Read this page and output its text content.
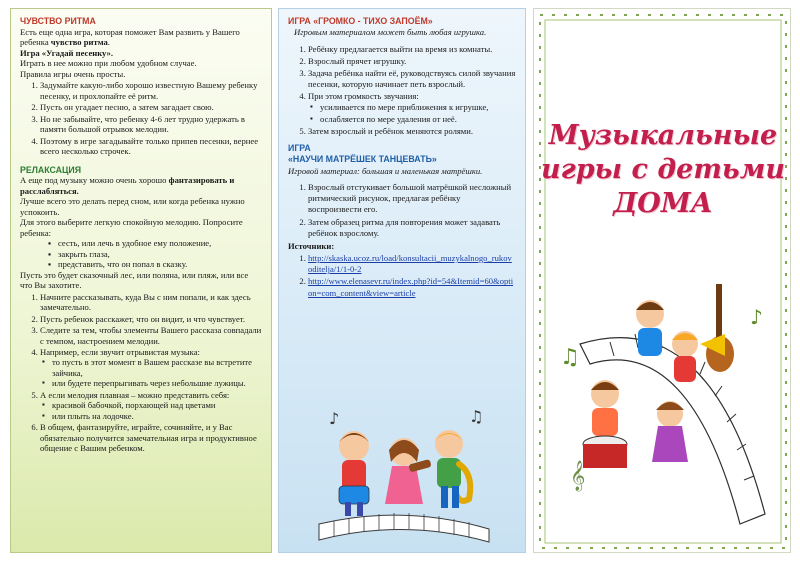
ЧУВСТВО РИТМА

Есть еще одна игра, которая поможет Вам развить у Вашего ребенка чувство ритма.

Игра «Угадай песенку».

Играть в нее можно при любом удобном случае.

Правила игры очень просты.

1. Задумайте какую-либо хорошо известную Вашему ребенку песенку, и прохлопайте её ритм.
2. Пусть он угадает песню, а затем загадает свою.
3. Но не забывайте, что ребенку 4-6 лет трудно удержать в памяти большой отрывок мелодии.
4. Поэтому в игре загадывайте только припев песенки, вернее всего несколько строчек.

РЕЛАКСАЦИЯ

А еще под музыку можно очень хорошо фантазировать и расслабляться.

Лучше всего это делать перед сном, или когда ребенка нужно успокоить.

Для этого выберите легкую спокойную мелодию. Попросите ребенка:

▪ сесть, или лечь в удобное ему положение,
▪ закрыть глаза,
▪ представить, что он попал в сказку.

Пусть это будет сказочный лес, или поляна, или пляж, или все что Вы захотите.

1. Начните рассказывать, куда Вы с ним попали, и как здесь замечательно.
2. Пусть ребенок расскажет, что он видит, и что чувствует.
3. Следите за тем, чтобы элементы Вашего рассказа совпадали с темпом, настроением мелодии.
4. Например, если звучит отрывистая музыка:
▪ то пусть в этот момент в Вашем рассказе вы встретите зайчика,
▪ или будете перепрыгивать через небольшие лужицы.
5. А если мелодия плавная – можно представить себя:
▪ красивой бабочкой, порхающей над цветами
▪ или плыть на лодочке.
6. В общем, фантазируйте, играйте, сочиняйте, и у Вас обязательно получится замечательная игра и продуктивное общение с Вашим ребенком.

ИГРА «ГРОМКО - ТИХО ЗАПОЁМ»

Игровым материалом может быть любая игрушка.

1. Ребёнку предлагается выйти на время из комнаты.
2. Взрослый прячет игрушку.
3. Задача ребёнка найти её, руководствуясь силой звучания песенки, которую начинает петь взрослый.
4. При этом громкость звучания:
▪ усиливается по мере приближения к игрушке,
▪ ослабляется по мере удаления от неё.
5. Затем взрослый и ребёнок меняются ролями.

ИГРА

«НАУЧИ МАТРЁШЕК ТАНЦЕВАТЬ»

Игровой материал: большая и маленькая матрёшки.

1. Взрослый отстукивает большой матрёшкой несложный ритмический рисунок, предлагая ребёнку воспроизвести его.
2. Затем образец ритма для повторения может задавать ребёнок взрослому.

Источники:

1. http://skaska.ucoz.ru/load/konsultacii_muzykalnogo_rukovoditelja/1/1-0-2
2. http://www.elenasevr.ru/index.php?id=54&Itemid=60&option=com_content&view=article
♪	♫
Музыкальные
игры с детьми
ДОМА
♫
♪
𝄞
